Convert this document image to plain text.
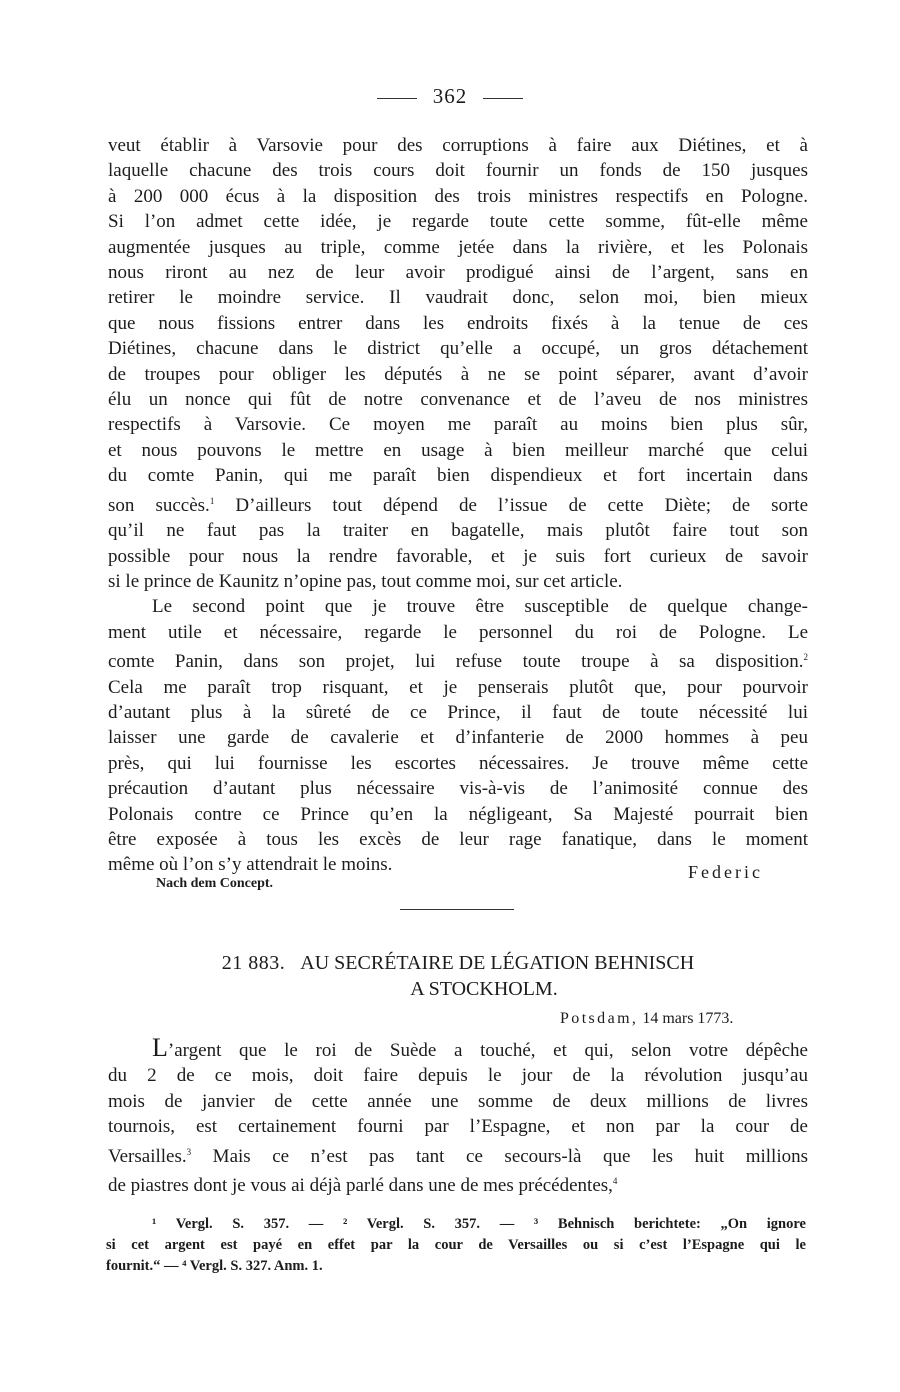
362
veut établir à Varsovie pour des corruptions à faire aux Diétines, et à
laquelle chacune des trois cours doit fournir un fonds de 150 jusques
à 200 000 écus à la disposition des trois ministres respectifs en Pologne.
Si l’on admet cette idée, je regarde toute cette somme, fût-elle même
augmentée jusques au triple, comme jetée dans la rivière, et les Polonais
nous riront au nez de leur avoir prodigué ainsi de l’argent, sans en
retirer le moindre service. Il vaudrait donc, selon moi, bien mieux
que nous fissions entrer dans les endroits fixés à la tenue de ces
Diétines, chacune dans le district qu’elle a occupé, un gros détachement
de troupes pour obliger les députés à ne se point séparer, avant d’avoir
élu un nonce qui fût de notre convenance et de l’aveu de nos ministres
respectifs à Varsovie. Ce moyen me paraît au moins bien plus sûr,
et nous pouvons le mettre en usage à bien meilleur marché que celui
du comte Panin, qui me paraît bien dispendieux et fort incertain dans
son succès.$^1$ D’ailleurs tout dépend de l’issue de cette Diète; de sorte
qu’il ne faut pas la traiter en bagatelle, mais plutôt faire tout son
possible pour nous la rendre favorable, et je suis fort curieux de savoir
si le prince de Kaunitz n’opine pas, tout comme moi, sur cet article.
Le second point que je trouve être susceptible de quelque change-
ment utile et nécessaire, regarde le personnel du roi de Pologne. Le
comte Panin, dans son projet, lui refuse toute troupe à sa disposition.$^2$
Cela me paraît trop risquant, et je penserais plutôt que, pour pourvoir
d’autant plus à la sûreté de ce Prince, il faut de toute nécessité lui
laisser une garde de cavalerie et d’infanterie de 2000 hommes à peu
près, qui lui fournisse les escortes nécessaires. Je trouve même cette
précaution d’autant plus nécessaire vis-à-vis de l’animosité connue des
Polonais contre ce Prince qu’en la négligeant, Sa Majesté pourrait bien
être exposée à tous les excès de leur rage fanatique, dans le moment
même où l’on s’y attendrait le moins.	Federic
Nach dem Concept.
21 883. AU SECRÉTAIRE DE LÉGATION BEHNISCH
A STOCKHOLM.
Potsdam, 14 mars 1773.
L’argent que le roi de Suède a touché, et qui, selon votre dépêche
du 2 de ce mois, doit faire depuis le jour de la révolution jusqu’au
mois de janvier de cette année une somme de deux millions de livres
tournois, est certainement fourni par l’Espagne, et non par la cour de
Versailles.$^3$ Mais ce n’est pas tant ce secours-là que les huit millions
de piastres dont je vous ai déjà parlé dans une de mes précédentes,$^4$
¹ Vergl. S. 357. — ² Vergl. S. 357. — ³ Behnisch berichtete: „On ignore
si cet argent est payé en effet par la cour de Versailles ou si c’est l’Espagne qui le
fournit.“ — ⁴ Vergl. S. 327. Anm. 1.
